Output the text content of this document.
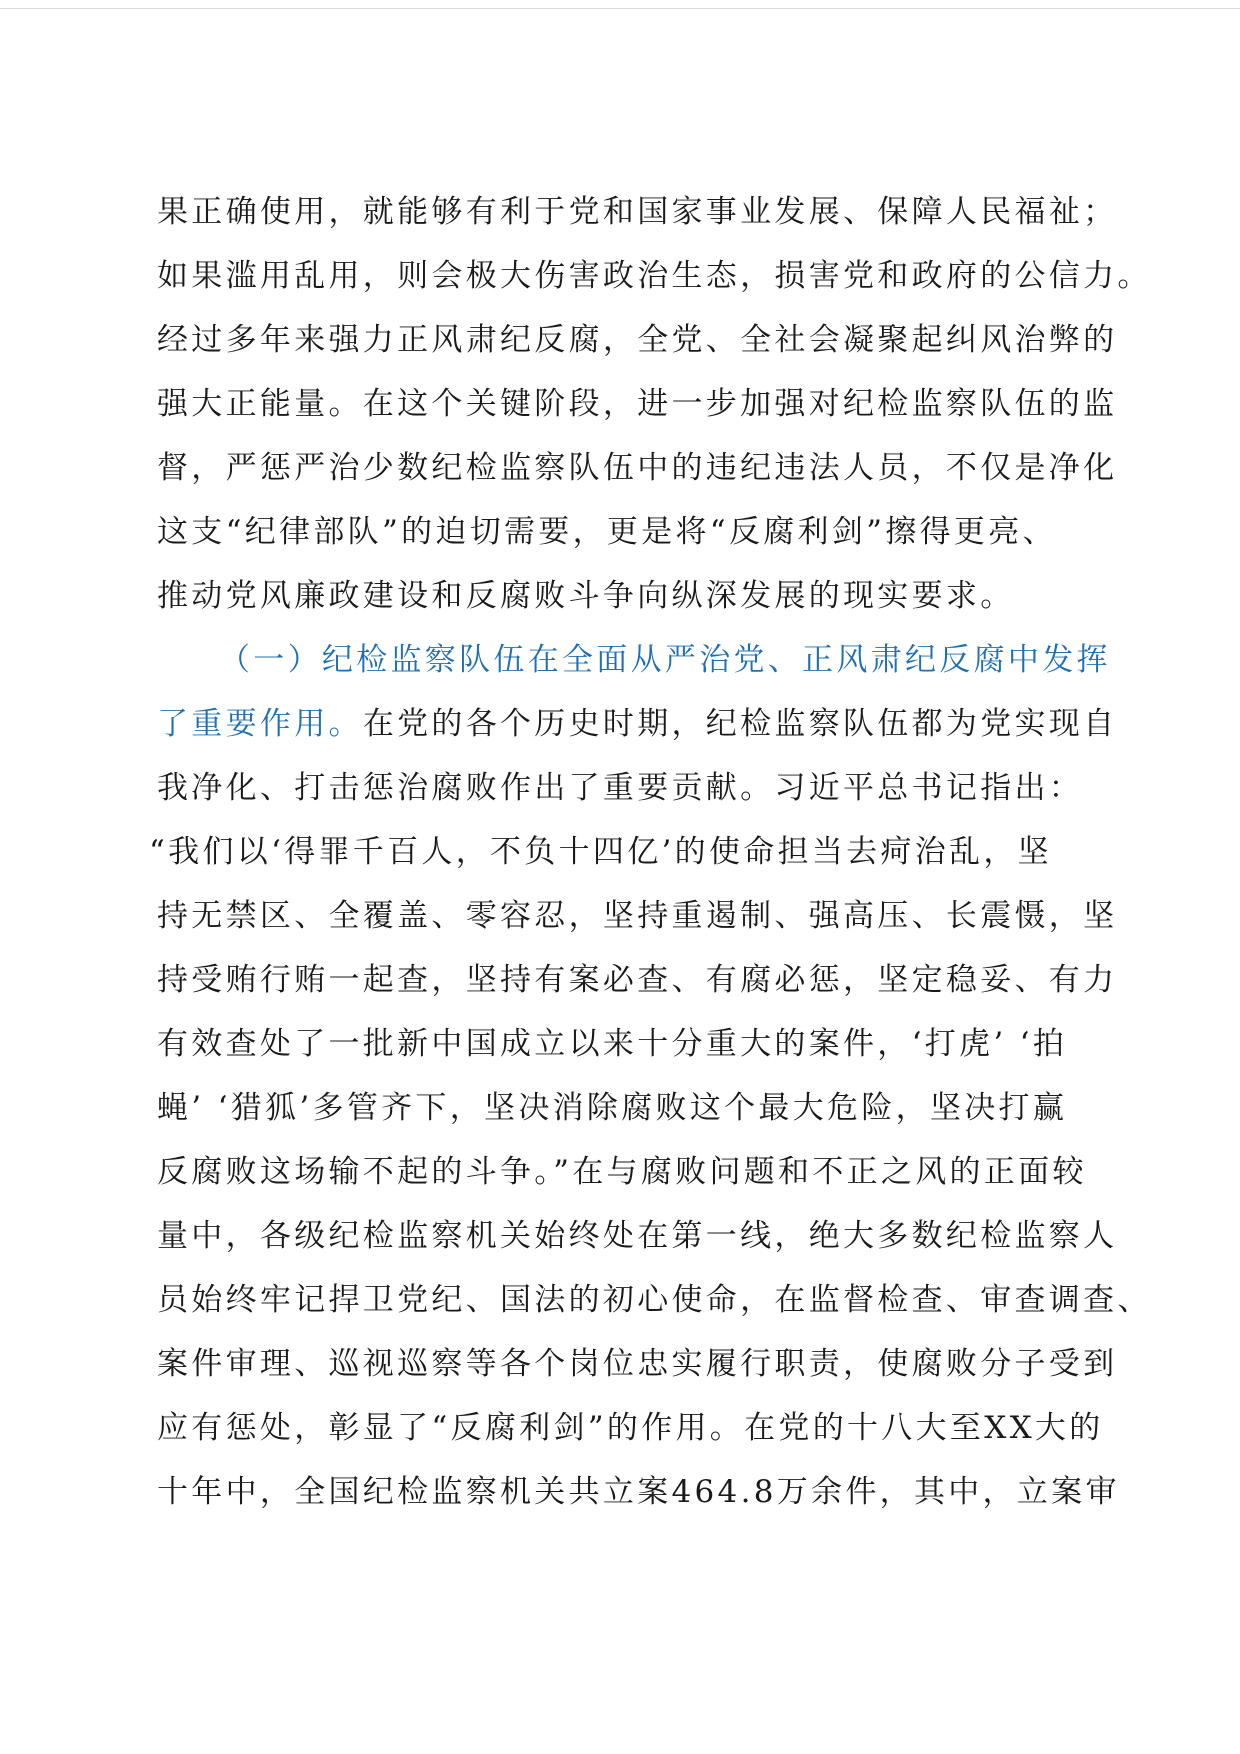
果正确使用，就能够有利于党和国家事业发展、保障人民福祉；
如果滥用乱用，则会极大伤害政治生态，损害党和政府的公信力。
经过多年来强力正风肃纪反腐，全党、全社会凝聚起纠风治弊的
强大正能量。在这个关键阶段，进一步加强对纪检监察队伍的监
督，严惩严治少数纪检监察队伍中的违纪违法人员，不仅是净化
这支“纪律部队”的迫切需要，更是将“反腐利剑”擦得更亮、
推动党风廉政建设和反腐败斗争向纵深发展的现实要求。
（一）纪检监察队伍在全面从严治党、正风肃纪反腐中发挥
了重要作用。在党的各个历史时期，纪检监察队伍都为党实现自
我净化、打击惩治腐败作出了重要贡献。习近平总书记指出：
“我们以‘得罪千百人，不负十四亿’的使命担当去疴治乱，坚
持无禁区、全覆盖、零容忍，坚持重遏制、强高压、长震慑，坚
持受贿行贿一起查，坚持有案必查、有腐必惩，坚定稳妥、有力
有效查处了一批新中国成立以来十分重大的案件，‘打虎’ ‘拍
蝇’ ‘猎狐’多管齐下，坚决消除腐败这个最大危险，坚决打赢
反腐败这场输不起的斗争。”在与腐败问题和不正之风的正面较
量中，各级纪检监察机关始终处在第一线，绝大多数纪检监察人
员始终牢记捍卫党纪、国法的初心使命，在监督检查、审查调查、
案件审理、巡视巡察等各个岗位忠实履行职责，使腐败分子受到
应有惩处，彰显了“反腐利剑”的作用。在党的十八大至XX大的
十年中，全国纪检监察机关共立案464.8万余件，其中，立案审
